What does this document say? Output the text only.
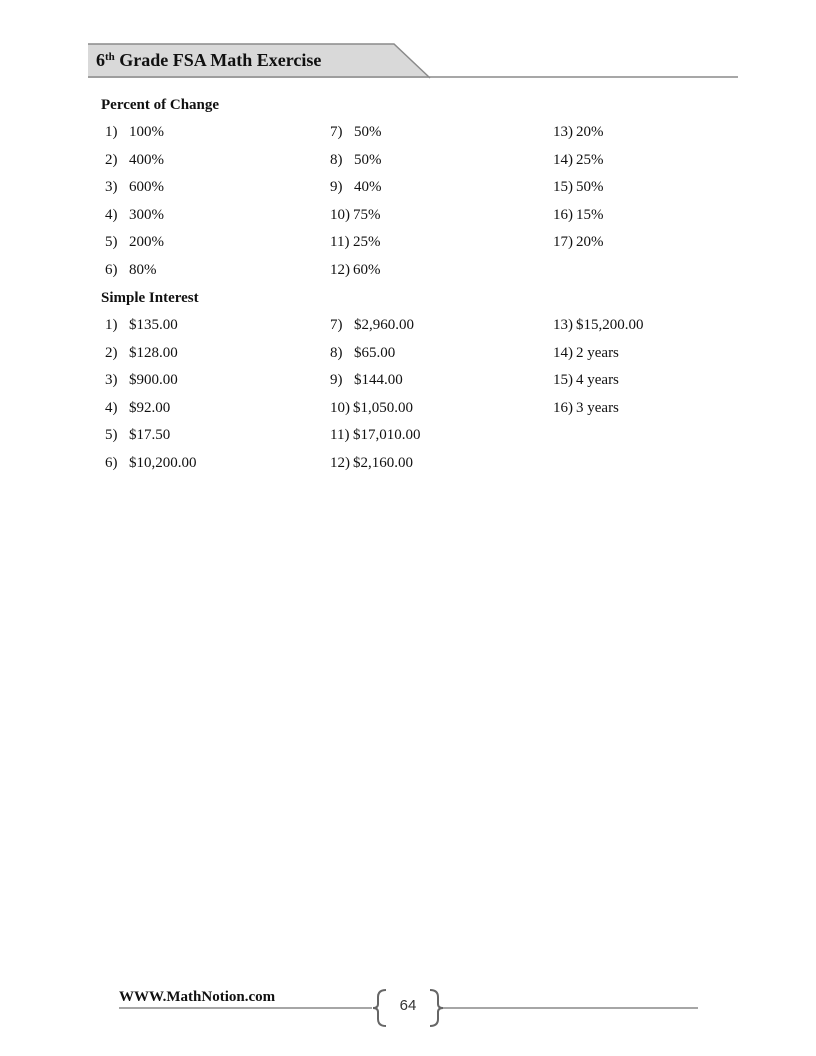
6th Grade FSA Math Exercise
Percent of Change
Simple Interest
1) 100%
2) 400%
3) 600%
4) 300%
5) 200%
6) 80%
7) 50%
8) 50%
9) 40%
10) 75%
11) 25%
12) 60%
13) 20%
14) 25%
15) 50%
16) 15%
17) 20%
1) $135.00
2) $128.00
3) $900.00
4) $92.00
5) $17.50
6) $10,200.00
7) $2,960.00
8) $65.00
9) $144.00
10) $1,050.00
11) $17,010.00
12) $2,160.00
13) $15,200.00
14) 2 years
15) 4 years
16) 3 years
WWW.MathNotion.com	64
